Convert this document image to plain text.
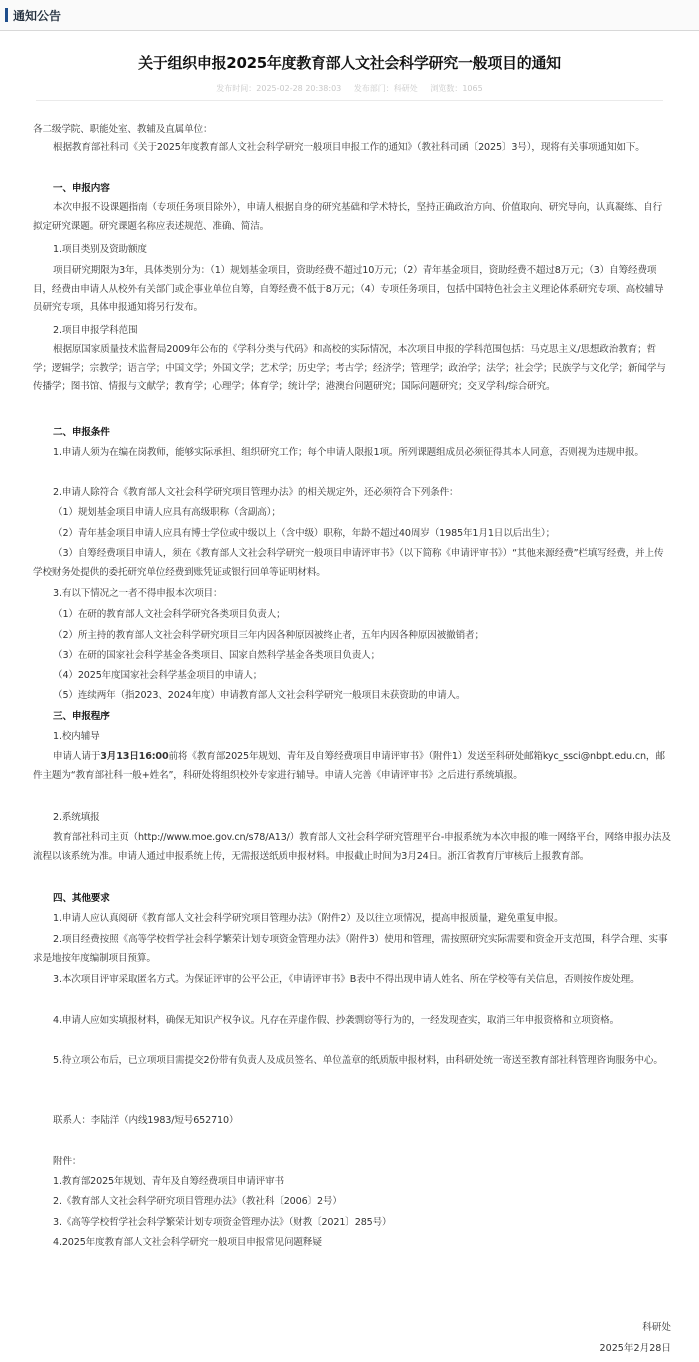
通知公告
关于组织申报2025年度教育部人文社会科学研究一般项目的通知
发布时间：2025-02-28 20:38:03 发布部门：科研处 浏览数：1065

各二级学院、职能处室、教辅及直属单位：

根据教育部社科司《关于2025年度教育部人文社会科学研究一般项目申报工作的通知》（教社科司函〔2025〕3号），现将有关事项通知如下。

一、申报内容

本次申报不设课题指南（专项任务项目除外），申请人根据自身的研究基础和学术特长，坚持正确政治方向、价值取向、研究导向，认真凝练、自行拟定研究课题。研究课题名称应表述规范、准确、简洁。

1.项目类别及资助额度

项目研究期限为3年，具体类别分为：（1）规划基金项目，资助经费不超过10万元；（2）青年基金项目，资助经费不超过8万元；（3）自筹经费项目，经费由申请人从校外有关部门或企事业单位自筹，自筹经费不低于8万元；（4）专项任务项目，包括中国特色社会主义理论体系研究专项、高校辅导员研究专项，具体申报通知将另行发布。

2.项目申报学科范围

根据原国家质量技术监督局2009年公布的《学科分类与代码》和高校的实际情况，本次项目申报的学科范围包括：马克思主义/思想政治教育；哲学；逻辑学；宗教学；语言学；中国文学；外国文学；艺术学；历史学；考古学；经济学；管理学；政治学；法学；社会学；民族学与文化学；新闻学与传播学；图书馆、情报与文献学；教育学；心理学；体育学；统计学；港澳台问题研究；国际问题研究；交叉学科/综合研究。

二、申报条件

1.申请人须为在编在岗教师，能够实际承担、组织研究工作；每个申请人限报1项。所列课题组成员必须征得其本人同意，否则视为违规申报。

2.申请人除符合《教育部人文社会科学研究项目管理办法》的相关规定外，还必须符合下列条件：

（1）规划基金项目申请人应具有高级职称（含副高）；

（2）青年基金项目申请人应具有博士学位或中级以上（含中级）职称，年龄不超过40周岁（1985年1月1日以后出生）；

（3）自筹经费项目申请人，须在《教育部人文社会科学研究一般项目申请评审书》（以下简称《申请评审书》）“其他来源经费”栏填写经费，并上传学校财务处提供的委托研究单位经费到账凭证或银行回单等证明材料。

3.有以下情况之一者不得申报本次项目：

（1）在研的教育部人文社会科学研究各类项目负责人；

（2）所主持的教育部人文社会科学研究项目三年内因各种原因被终止者，五年内因各种原因被撤销者；

（3）在研的国家社会科学基金各类项目、国家自然科学基金各类项目负责人；

（4）2025年度国家社会科学基金项目的申请人；

（5）连续两年（指2023、2024年度）申请教育部人文社会科学研究一般项目未获资助的申请人。

三、申报程序

1.校内辅导

申请人请于3月13日16:00前将《教育部2025年规划、青年及自筹经费项目申请评审书》（附件1）发送至科研处邮箱kyc_ssci@nbpt.edu.cn，邮件主题为“教育部社科一般+姓名”，科研处将组织校外专家进行辅导。申请人完善《申请评审书》之后进行系统填报。

2.系统填报

教育部社科司主页（http://www.moe.gov.cn/s78/A13/）教育部人文社会科学研究管理平台-申报系统为本次申报的唯一网络平台，网络申报办法及流程以该系统为准。申请人通过申报系统上传，无需报送纸质申报材料。申报截止时间为3月24日。浙江省教育厅审核后上报教育部。

四、其他要求

1.申请人应认真阅研《教育部人文社会科学研究项目管理办法》（附件2）及以往立项情况，提高申报质量，避免重复申报。

2.项目经费按照《高等学校哲学社会科学繁荣计划专项资金管理办法》（附件3）使用和管理，需按照研究实际需要和资金开支范围，科学合理、实事求是地按年度编制项目预算。

3.本次项目评审采取匿名方式。为保证评审的公平公正，《申请评审书》B表中不得出现申请人姓名、所在学校等有关信息，否则按作废处理。

4.申请人应如实填报材料，确保无知识产权争议。凡存在弄虚作假、抄袭剽窃等行为的，一经发现查实，取消三年申报资格和立项资格。

5.待立项公布后，已立项项目需提交2份带有负责人及成员签名、单位盖章的纸质版申报材料，由科研处统一寄送至教育部社科管理咨询服务中心。

联系人：李陆洋（内线1983/短号652710）

附件：

1.教育部2025年规划、青年及自筹经费项目申请评审书

2.《教育部人文社会科学研究项目管理办法》（教社科〔2006〕2号）

3.《高等学校哲学社会科学繁荣计划专项资金管理办法》（财教〔2021〕285号）

4.2025年度教育部人文社会科学研究一般项目申报常见问题释疑

科研处
2025年2月28日
